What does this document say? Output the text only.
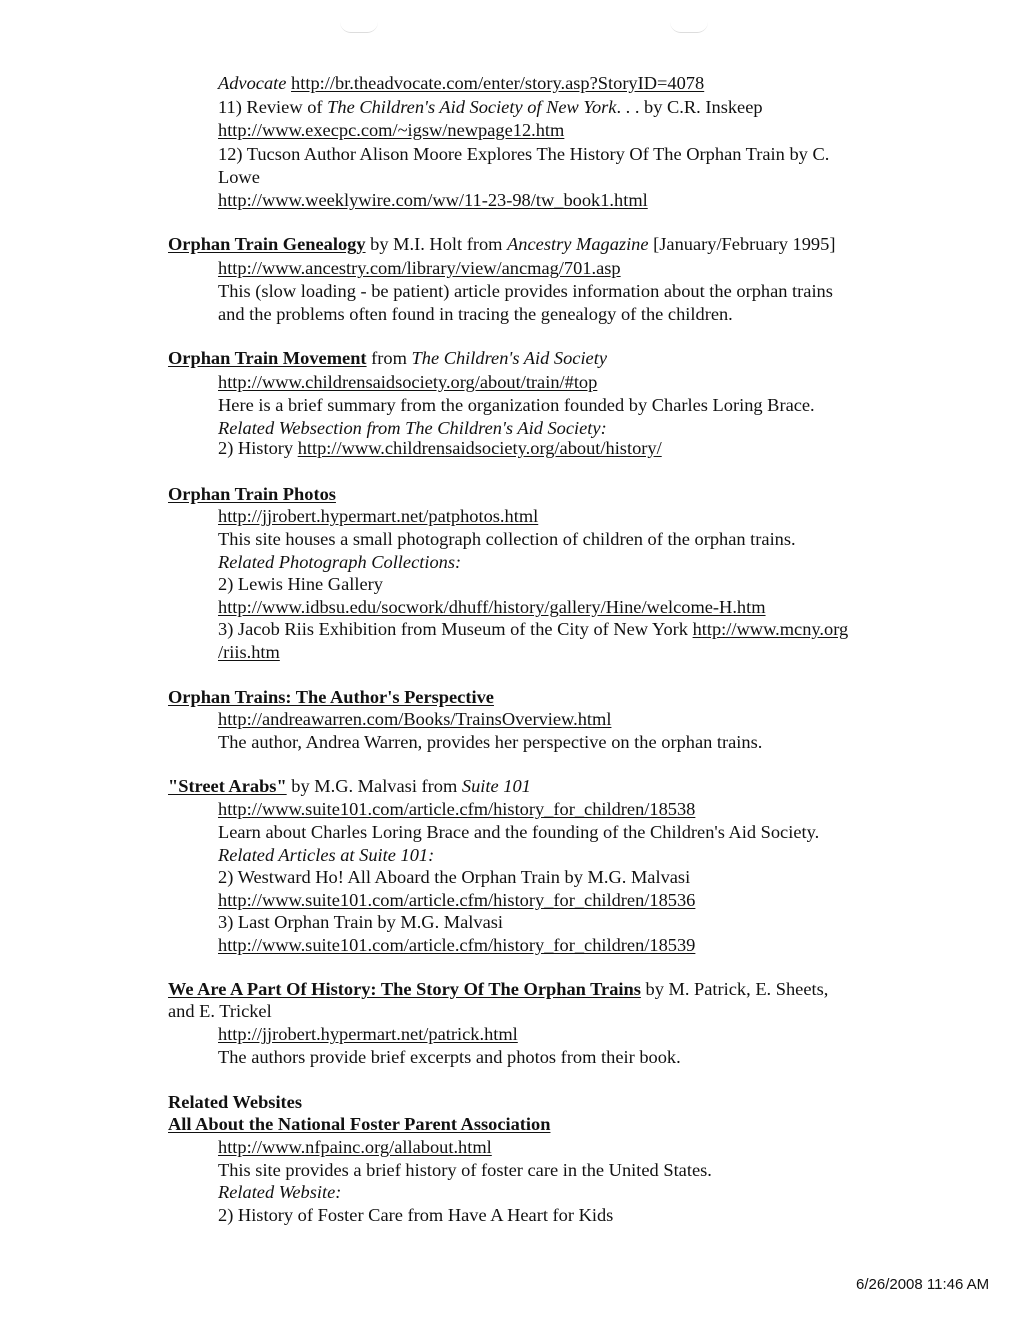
Advocate http://br.theadvocate.com/enter/story.asp?StoryID=4078
11) Review of The Children's Aid Society of New York. . . by C.R. Inskeep
http://www.execpc.com/~igsw/newpage12.htm
12) Tucson Author Alison Moore Explores The History Of The Orphan Train by C.
Lowe
http://www.weeklywire.com/ww/11-23-98/tw_book1.html
Orphan Train Genealogy by M.I. Holt from Ancestry Magazine [January/February 1995]
http://www.ancestry.com/library/view/ancmag/701.asp
This (slow loading - be patient) article provides information about the orphan trains
and the problems often found in tracing the genealogy of the children.
Orphan Train Movement from The Children's Aid Society
http://www.childrensaidsociety.org/about/train/#top
Here is a brief summary from the organization founded by Charles Loring Brace.
Related Websection from The Children's Aid Society:
2) History http://www.childrensaidsociety.org/about/history/
Orphan Train Photos
http://jjrobert.hypermart.net/patphotos.html
This site houses a small photograph collection of children of the orphan trains.
Related Photograph Collections:
2) Lewis Hine Gallery
http://www.idbsu.edu/socwork/dhuff/history/gallery/Hine/welcome-H.htm
3) Jacob Riis Exhibition from Museum of the City of New York http://www.mcny.org
/riis.htm
Orphan Trains: The Author's Perspective
http://andreawarren.com/Books/TrainsOverview.html
The author, Andrea Warren, provides her perspective on the orphan trains.
"Street Arabs" by M.G. Malvasi from Suite 101
http://www.suite101.com/article.cfm/history_for_children/18538
Learn about Charles Loring Brace and the founding of the Children's Aid Society.
Related Articles at Suite 101:
2) Westward Ho! All Aboard the Orphan Train by M.G. Malvasi
http://www.suite101.com/article.cfm/history_for_children/18536
3) Last Orphan Train by M.G. Malvasi
http://www.suite101.com/article.cfm/history_for_children/18539
We Are A Part Of History: The Story Of The Orphan Trains by M. Patrick, E. Sheets,
and E. Trickel
http://jjrobert.hypermart.net/patrick.html
The authors provide brief excerpts and photos from their book.
Related Websites
All About the National Foster Parent Association
http://www.nfpainc.org/allabout.html
This site provides a brief history of foster care in the United States.
Related Website:
2) History of Foster Care from Have A Heart for Kids
6/26/2008 11:46 AM
